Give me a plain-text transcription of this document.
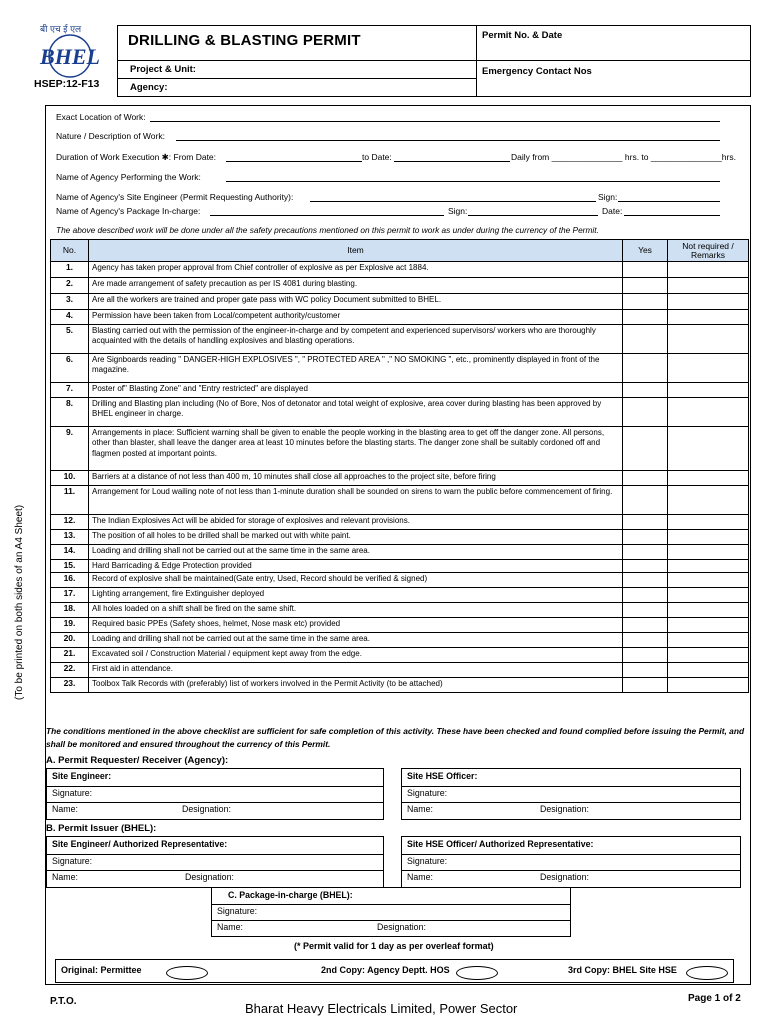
बी एच ई एल
BHEL
HSEP:12-F13
DRILLING & BLASTING PERMIT	Permit No. & Date
Project & Unit:
Agency:
Emergency Contact Nos
Exact Location of Work:
Nature / Description of Work:
Duration of Work Execution ✱: From Date:	to Date:	Daily from _______________ hrs. to _______________hrs.
Name of Agency Performing the Work:
Name of Agency's Site Engineer (Permit Requesting Authority):	Sign:
Name of Agency's Package In-charge:	Sign:	Date:
The above described work will be done under all the safety precautions mentioned on this permit to work as under during the currency of the Permit.
No.	Item	Yes	Not required / Remarks
1.	Agency has taken proper approval from Chief controller of explosive as per Explosive act 1884.		
2.	Are made arrangement of safety precaution as per IS 4081 during blasting.		
3.	Are all the workers are trained and proper gate pass with WC policy Document submitted to BHEL.		
4.	Permission have been taken from Local/competent authority/customer		
5.	Blasting carried out with the permission of the engineer-in-charge and by competent and experienced supervisors/ workers who are thoroughly acquainted with the details of handling explosives and blasting operations.		
6.	Are Signboards reading " DANGER-HIGH EXPLOSIVES ", " PROTECTED AREA " ," NO SMOKING ", etc., prominently displayed in front of the magazine.		
7.	Poster of" Blasting Zone" and "Entry restricted" are displayed		
8.	Drilling and Blasting plan including (No of Bore, Nos of detonator and total weight of explosive, area cover during blasting has been approved by BHEL engineer in charge.		
9.	Arrangements in place: Sufficient warning shall be given to enable the people working in the blasting area to get off the danger zone. All persons, other than blaster, shall leave the danger area at least 10 minutes before the blasting starts. The danger zone shall be suitably cordoned off and flagmen posted at important points.		
10.	Barriers at a distance of not less than 400 m, 10 minutes shall close all approaches to the project site, before firing		
11.	Arrangement for Loud wailing note of not less than 1-minute duration shall be sounded on sirens to warn the public before commencement of firing.		
12.	The Indian Explosives Act will be abided for storage of explosives and relevant provisions.		
13.	The position of all holes to be drilled shall be marked out with white paint.		
14.	Loading and drilling shall not be carried out at the same time in the same area.		
15.	Hard Barricading & Edge Protection provided		
16.	Record of explosive shall be maintained(Gate entry, Used, Record should be verified & signed)		
17.	Lighting arrangement, fire Extinguisher deployed		
18.	All holes loaded on a shift shall be fired on the same shift.		
19.	Required basic PPEs (Safety shoes, helmet, Nose mask etc) provided		
20.	Loading and drilling shall not be carried out at the same time in the same area.		
21.	Excavated soil / Construction Material / equipment kept away from the edge.		
22.	First aid in attendance.		
23.	Toolbox Talk Records with (preferably) list of workers involved in the Permit Activity (to be attached)		
The conditions mentioned in the above checklist are sufficient for safe completion of this activity. These have been checked and found complied before issuing the Permit, and shall be monitored and ensured throughout the currency of this Permit.
A. Permit Requester/ Receiver (Agency):
Site Engineer:
Signature:
Name:	Designation:
Site HSE Officer:
Signature:
Name:	Designation:
B. Permit Issuer (BHEL):
Site Engineer/ Authorized Representative:
Signature:
Name:	Designation:
Site HSE Officer/ Authorized Representative:
Signature:
Name:	Designation:
C. Package-in-charge (BHEL):
Signature:
Name:	Designation:
(* Permit valid for 1 day as per overleaf format)
Original: Permittee	2nd Copy: Agency Deptt. HOS	3rd Copy: BHEL Site HSE
(To be printed on both sides of an A4 Sheet)
P.T.O.	Bharat Heavy Electricals Limited, Power Sector
Page 1 of 2
